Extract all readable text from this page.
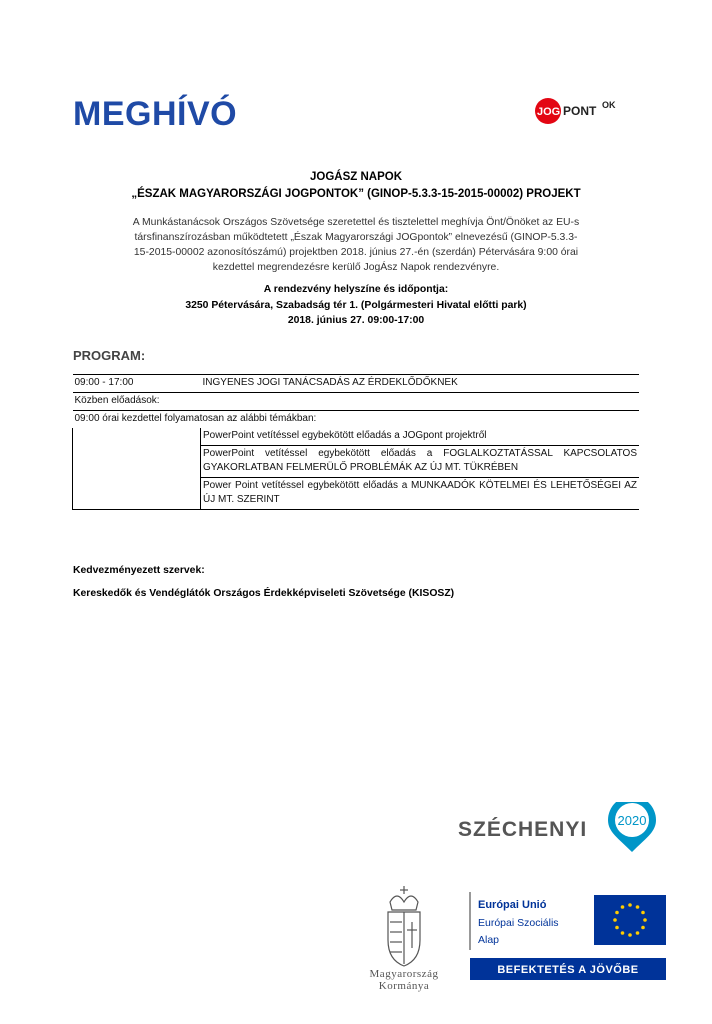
MEGHÍVÓ	JOG PONT OK
JOGÁSZ NAPOK
„ÉSZAK MAGYARORSZÁGI JOGPONTOK” (GINOP-5.3.3-15-2015-00002) PROJEKT
A Munkástanácsok Országos Szövetsége szeretettel és tisztelettel meghívja Önt/Önöket az EU-s
társfinanszírozásban működtetett „Észak Magyarországi JOGpontok” elnevezésű (GINOP-5.3.3-
15-2015-00002 azonosítószámú) projektben 2018. június 27.-én (szerdán) Pétervására 9:00 órai
kezdettel megrendezésre kerülő JogÁsz Napok rendezvényre.
A rendezvény helyszíne és időpontja:
3250 Pétervására, Szabadság tér 1. (Polgármesteri Hivatal előtti park)
2018. június 27. 09:00-17:00
PROGRAM:
09:00 - 17:00	INGYENES JOGI TANÁCSADÁS AZ ÉRDEKLŐDŐKNEK
Közben előadások:	
09:00 órai kezdettel folyamatosan az alábbi témákban:	
	PowerPoint vetítéssel egybekötött előadás a JOGpont projektről
	PowerPoint vetítéssel egybekötött előadás a FOGLALKOZTATÁSSAL KAPCSOLATOS GYAKORLATBAN FELMERÜLŐ PROBLÉMÁK AZ ÚJ MT. TÜKRÉBEN
	Power Point vetítéssel egybekötött előadás a MUNKAADÓK KÖTELMEI ÉS LEHETŐSÉGEI AZ ÚJ MT. SZERINT
Kedvezményezett szervek:
Kereskedők és Vendéglátók Országos Érdekképviseleti Szövetsége (KISOSZ)
SZÉCHENYI 2020
Magyarország
Kormánya
Európai Unió
Európai Szociális
Alap
BEFEKTETÉS A JÖVŐBE
